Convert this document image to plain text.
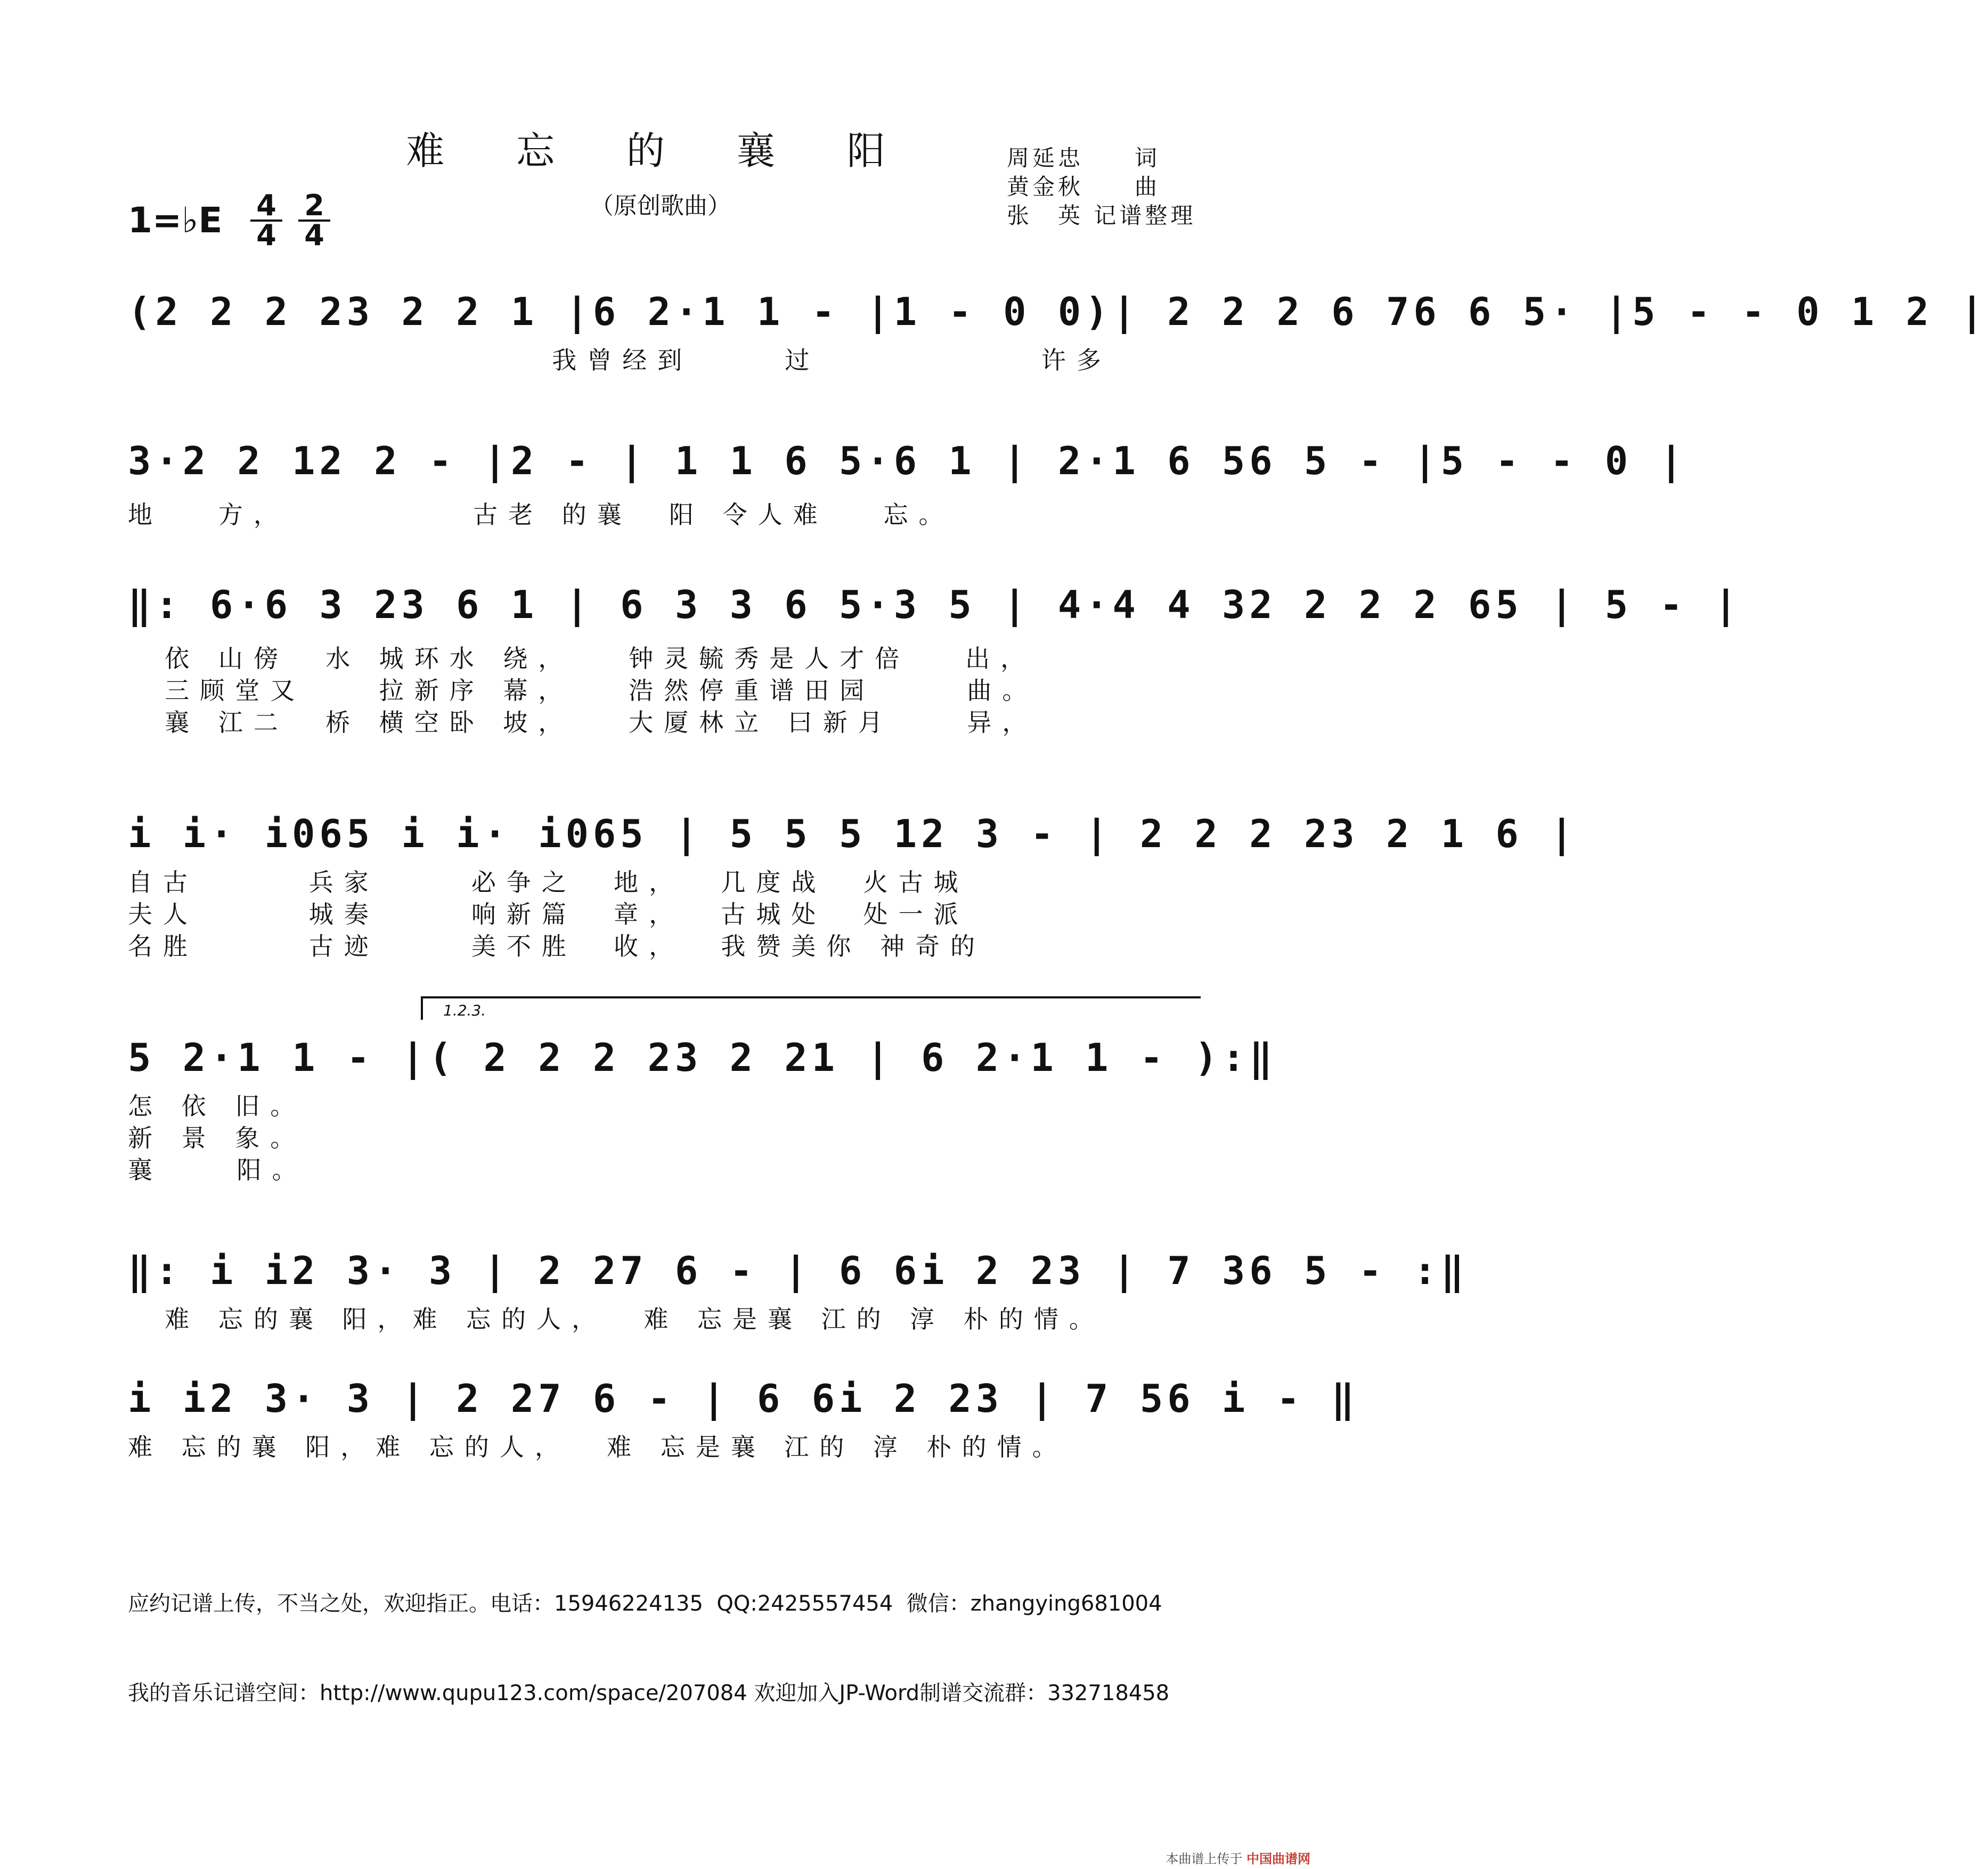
难 忘 的 襄 阳
（原创歌曲）
周延忠　　词
黄金秋　　曲
张　英 记谱整理
1=♭E $\frac{4}{4} \frac{2}{4}$
(2 2 2 23 2 2 1 |6 2·1 1 - |1 - 0 0)| 2 2 2 6 76 6 5· |5 - - 0 1 2 |
我曾经到     过            许多
3·2 2 12 2 - |2 - | 1 1 6 5·6 1 | 2·1 6 56 5 - |5 - - 0 |
地   方，          古老 的襄  阳 令人难   忘。
‖: 6·6 3 23 6 1 | 6 3 3 6 5·3 5 | 4·4 4 32 2 2 2 65 | 5 - |
依 山傍  水 城环水 绕，   钟灵毓秀是人才倍   出，
三顾堂又    拉新序 幕，   浩然停重谱田园     曲。
襄 江二  桥 横空卧 坡，   大厦林立 曰新月    异，
i i· i065 i i· i065 | 5 5 5 12 3 - | 2 2 2 23 2 1 6 |
自古      兵家     必争之  地，  几度战  火古城
夫人      城奏     响新篇  章，  古城处  处一派
名胜      古迹     美不胜  收，  我赞美你 神奇的
1.2.3.
5 2·1 1 - |( 2 2 2 23 2 21 | 6 2·1 1 - ):‖
怎 依 旧。
新 景 象。
襄    阳。
‖: i i2 3· 3 | 2 27 6 - | 6 6i 2 23 | 7 36 5 - :‖
难 忘的襄 阳，难 忘的人，  难 忘是襄 江的 淳 朴的情。
i i2 3· 3 | 2 27 6 - | 6 6i 2 23 | 7 56 i - ‖
难 忘的襄 阳，难 忘的人，  难 忘是襄 江的 淳 朴的情。

应约记谱上传，不当之处，欢迎指正。电话：15946224135  QQ:2425557454  微信：zhangying681004

我的音乐记谱空间：http://www.qupu123.com/space/207084 欢迎加入JP-Word制谱交流群：332718458

本曲谱上传于 中国曲谱网
